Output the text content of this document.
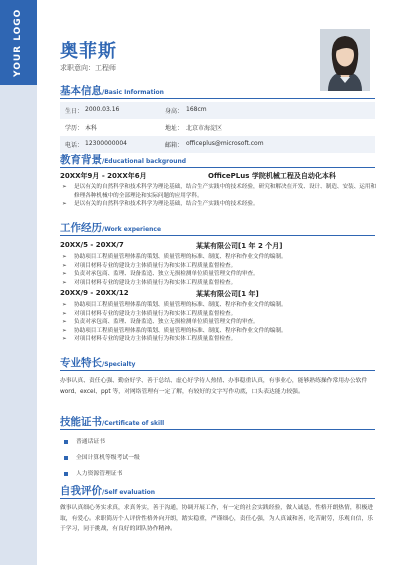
YOUR LOGO	奥菲斯
求职意向：工程师
基本信息/Basic Information
生日： 2000.03.16	身高： 168cm
学历： 本科	地址： 北京市海淀区
电话： 12300000004	邮箱： officeplus@microsoft.com
教育背景/Educational background
20XX年9月 - 20XX年6月	OfficePLus 学院机械工程及自动化本科
➢ 是以有关的自然科学和技术科学为理论基础，结合生产实践中的技术经验，研究和解决在开发、设计、制造、安装、运用和修理各种机械中的全部理论和实际问题的应用学科。
➢ 是以有关的自然科学和技术科学为理论基础，结合生产实践中的技术经验。
工作经历/Work experience
20XX/5 - 20XX/7	某某有限公司[1 年 2 个月]
➢ 协助项目工程质量管理体系的策划、质量管理的标准、制度、程序和作业文件的编制。
➢ 对项目材料专业的建设方主体质量行为和实体工程质量监督检查。
➢ 负责对承包商、监理、设备监造、独立无损检测单位质量管理文件的审查。
➢ 对项目材料专业的建设方主体质量行为和实体工程质量监督检查。
20XX/9 - 20XX/12	某某有限公司[1 年]
➢ 协助项目工程质量管理体系的策划、质量管理的标准、制度、程序和作业文件的编制。
➢ 对项目材料专业的建设方主体质量行为和实体工程质量监督检查。
➢ 负责对承包商、监理、设备监造、独立无损检测单位质量管理文件的审查。
➢ 协助项目工程质量管理体系的策划、质量管理的标准、制度、程序和作业文件的编制。
➢ 对项目材料专业的建设方主体质量行为和实体工程质量监督检查。
专业特长/Specialty
办事认真、责任心强、勤奋好学、善于总结、虚心好学待人热情、办事稳重认真，有事业心，能够熟练操作常用办公软件 word、excel、ppt 等，对网络管理有一定了解，有较好的文字写作功底，口头表达能力较强。
技能证书/Certificate of skill
普通话证书
全国计算机等级考试一级
人力资源管理证书
自我评价/Self evaluation
做事认真细心务实求真，求真务实，善于沟通，协调开展工作，有一定的社会实践经验，做人诚恳，性格开朗热情，积极进取，有爱心。求职简历个人评价性格外向开朗，踏实稳重，严谨细心，责任心强，为人真诚和善，吃苦耐劳，乐观自信，乐于学习，同于挑战，有良好的团队协作精神。
